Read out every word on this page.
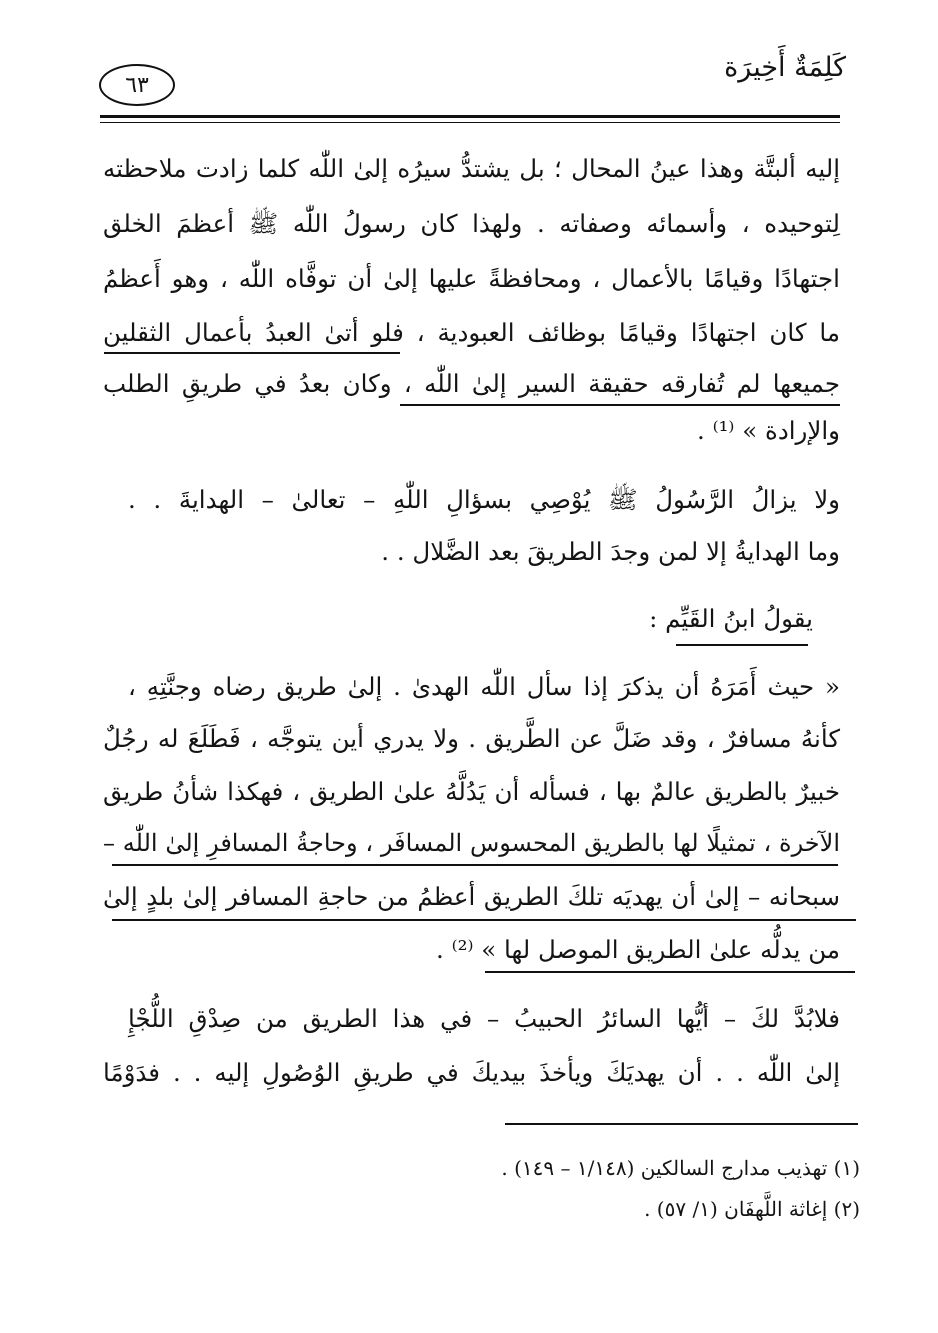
كَلِمَةٌ أَخِيرَة
٦٣
إليه ألبتَّة وهذا عينُ المحال ؛ بل يشتدُّ سيرُه إلىٰ اللّٰه كلما زادت ملاحظته
لِتوحيده ، وأسمائه وصفاته . ولهذا كان رسولُ اللّٰه ﷺ أعظمَ الخلق
اجتهادًا وقيامًا بالأعمال ، ومحافظةً عليها إلىٰ أن توفَّاه اللّٰه ، وهو أَعظمُ
ما كان اجتهادًا وقيامًا بوظائف العبودية ، فلو أتىٰ العبدُ بأعمال الثقلين
جميعها لم تُفارقه حقيقة السير إلىٰ اللّٰه ، وكان بعدُ في طريقِ الطلب
والإرادة » ⁽¹⁾ .
ولا يزالُ الرَّسُولُ ﷺ يُوْصِي بسؤالِ اللّٰهِ – تعالىٰ – الهدايةَ . .
وما الهدايةُ إلا لمن وجدَ الطريقَ بعد الضَّلال . .
يقولُ ابنُ القَيِّم :
« حيث أَمَرَهُ أن يذكرَ إذا سأل اللّٰه الهدىٰ . إلىٰ طريق رضاه وجنَّتِهِ ،
كأنهُ مسافرٌ ، وقد ضَلَّ عن الطَّريق . ولا يدري أين يتوجَّه ، فَطَلَعَ له رجُلٌ
خبيرٌ بالطريق عالمٌ بها ، فسأله أن يَدُلَّهُ علىٰ الطريق ، فهكذا شأنُ طريق
الآخرة ، تمثيلًا لها بالطريق المحسوس المسافَر ، وحاجةُ المسافرِ إلىٰ اللّٰه –
سبحانه – إلىٰ أن يهديَه تلكَ الطريق أعظمُ من حاجةِ المسافر إلىٰ بلدٍ إلىٰ
من يدلُّه علىٰ الطريق الموصل لها » ⁽²⁾ .
فلابُدَّ لكَ – أيُّها السائرُ الحبيبُ – في هذا الطريق من صِدْقِ اللُّجْإِ
إلىٰ اللّٰه . . أن يهديَكَ ويأخذَ بيديكَ في طريقِ الوُصُولِ إليه . . فدَوْمًا
(١) تهذيب مدارج السالكين (١/١٤٨ – ١٤٩) .
(٢) إغاثة اللَّهفَان (١/ ٥٧) .
